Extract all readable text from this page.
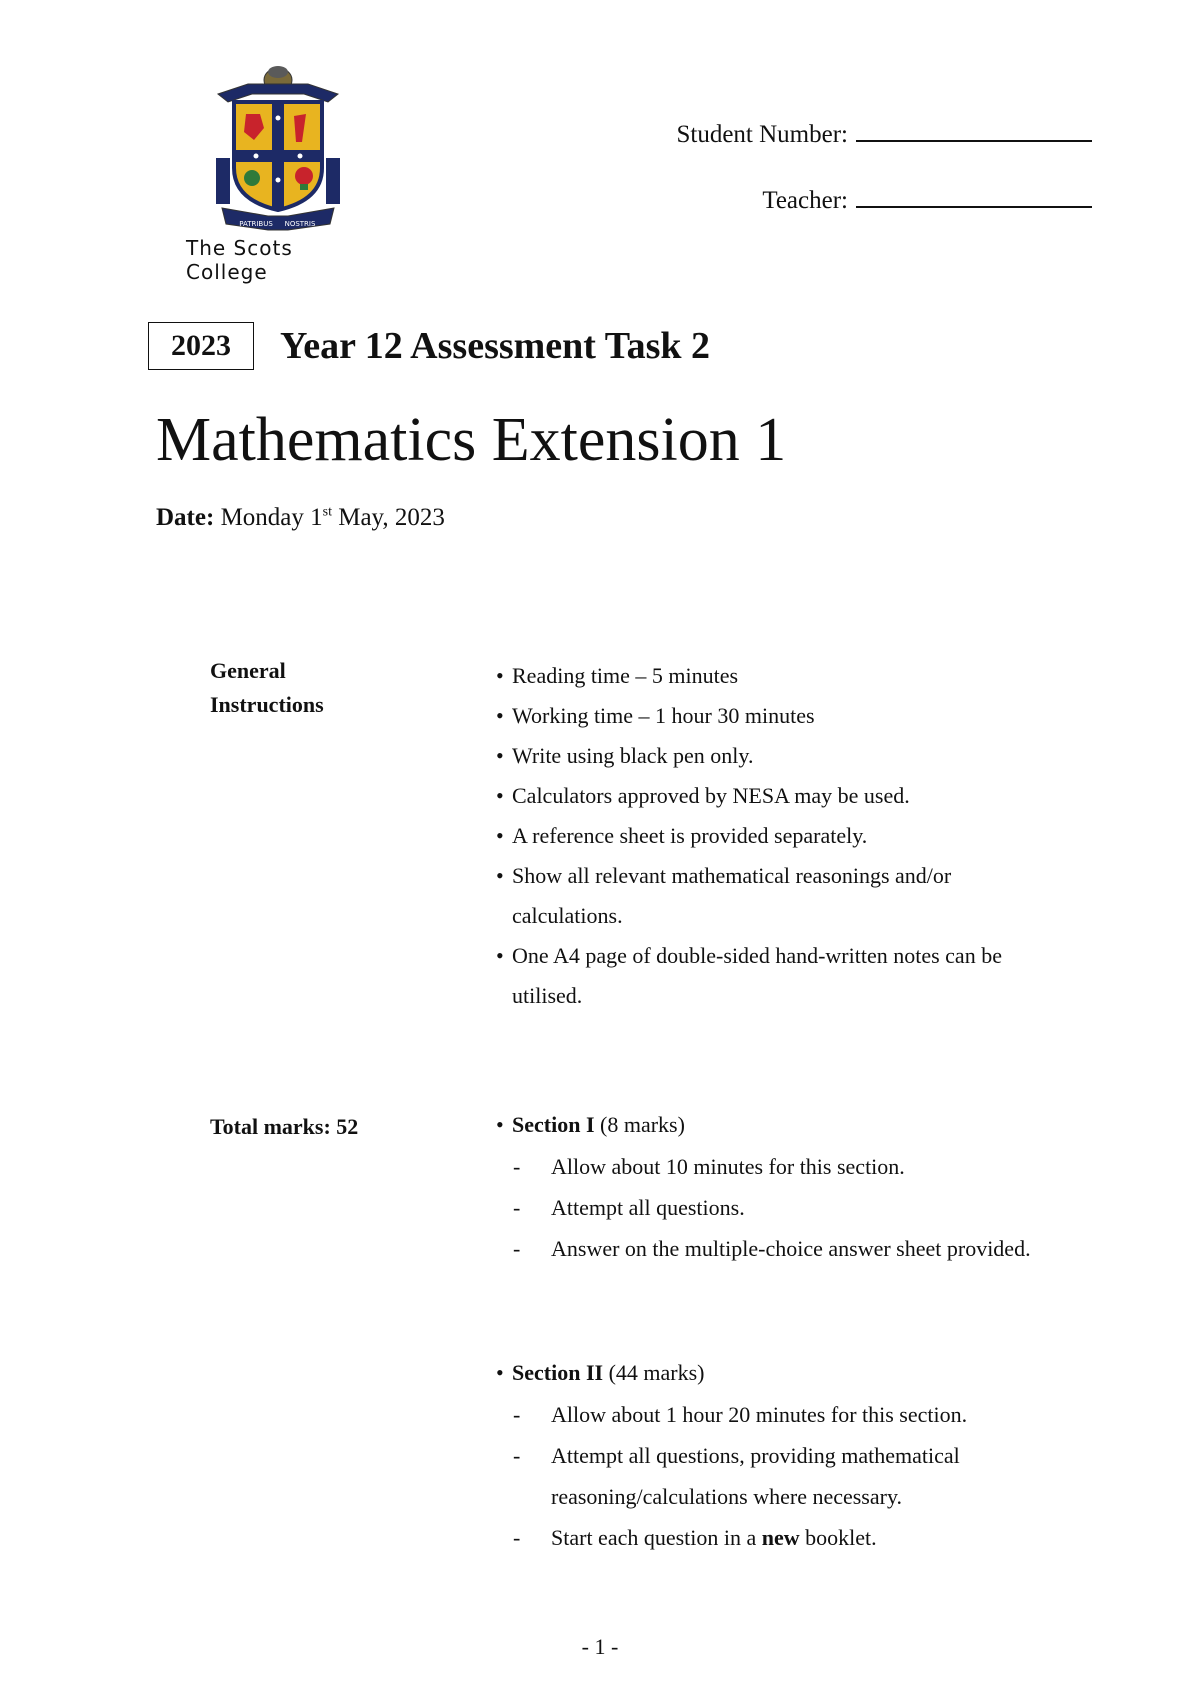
PATRIBUS NOSTRIS
The Scots College
Student Number:
Teacher:
2023	Year 12 Assessment Task 2
Mathematics Extension 1
Date: Monday 1st May, 2023
General Instructions
• Reading time – 5 minutes
• Working time – 1 hour 30 minutes
• Write using black pen only.
• Calculators approved by NESA may be used.
• A reference sheet is provided separately.
• Show all relevant mathematical reasonings and/or calculations.
• One A4 page of double-sided hand-written notes can be utilised.
Total marks: 52	• Section I (8 marks)
- Allow about 10 minutes for this section.
- Attempt all questions.
- Answer on the multiple-choice answer sheet provided.
• Section II (44 marks)
- Allow about 1 hour 20 minutes for this section.
- Attempt all questions, providing mathematical reasoning/calculations where necessary.
- Start each question in a new booklet.
- 1 -
